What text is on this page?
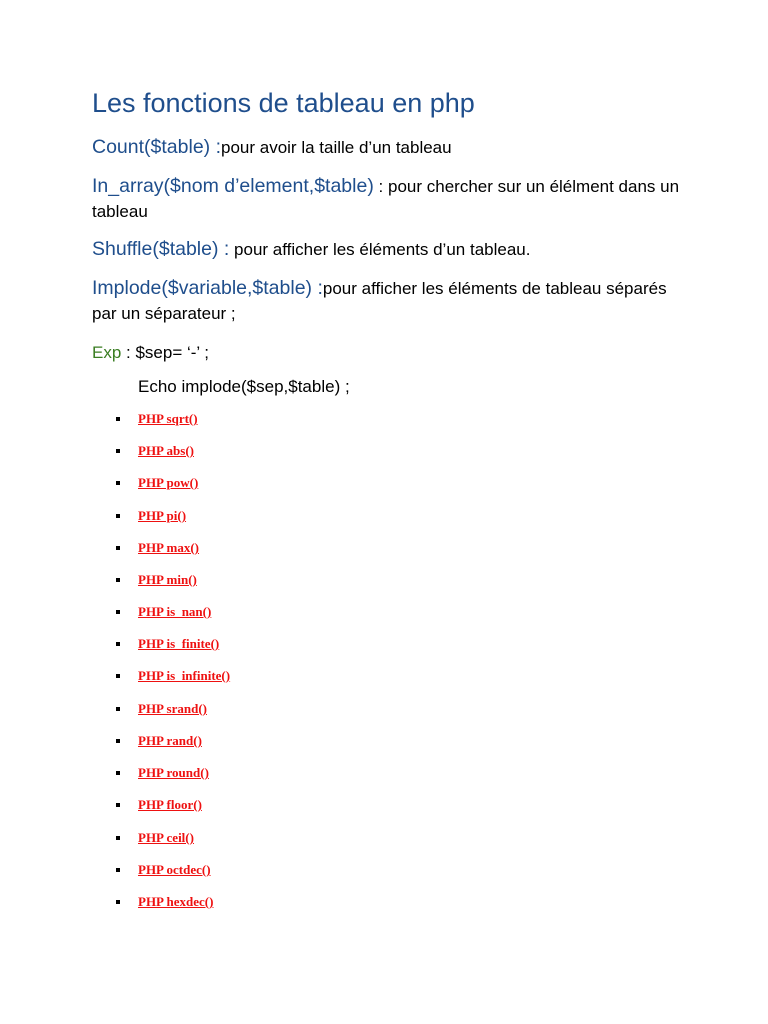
Les fonctions de tableau en php

Count($table) :pour avoir la taille d’un tableau

In_array($nom d’element,$table) : pour chercher sur un élélment dans un tableau

Shuffle($table) : pour afficher les éléments d’un tableau.

Implode($variable,$table) :pour afficher les éléments de tableau séparés par un séparateur ;

Exp : $sep= ‘-’ ;

Echo implode($sep,$table) ;

PHP sqrt()
PHP abs()
PHP pow()
PHP pi()
PHP max()
PHP min()
PHP is_nan()
PHP is_finite()
PHP is_infinite()
PHP srand()
PHP rand()
PHP round()
PHP floor()
PHP ceil()
PHP octdec()
PHP hexdec()
